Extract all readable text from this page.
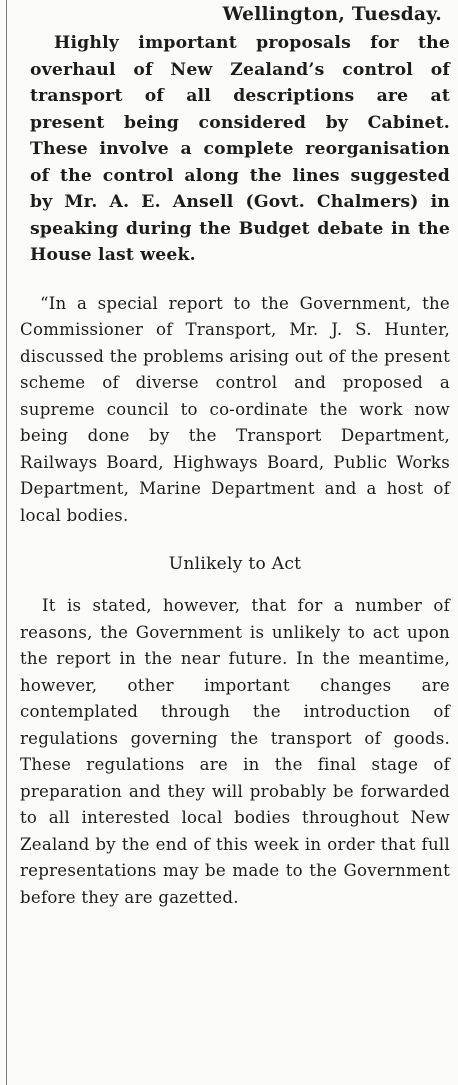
Wellington, Tuesday.

Highly important proposals for the overhaul of New Zealand’s control of transport of all descriptions are at present being considered by Cabinet. These involve a complete reorganisation of the control along the lines suggested by Mr. A. E. Ansell (Govt. Chalmers) in speaking during the Budget debate in the House last week.

“In a special report to the Government, the Commissioner of Transport, Mr. J. S. Hunter, discussed the problems arising out of the present scheme of diverse control and proposed a supreme council to co-ordinate the work now being done by the Transport Department, Railways Board, Highways Board, Public Works Department, Marine Department and a host of local bodies.

Unlikely to Act

It is stated, however, that for a number of reasons, the Government is unlikely to act upon the report in the near future. In the meantime, however, other important changes are contemplated through the introduction of regulations governing the transport of goods. These regulations are in the final stage of preparation and they will probably be forwarded to all interested local bodies throughout New Zealand by the end of this week in order that full representations may be made to the Government before they are gazetted.
